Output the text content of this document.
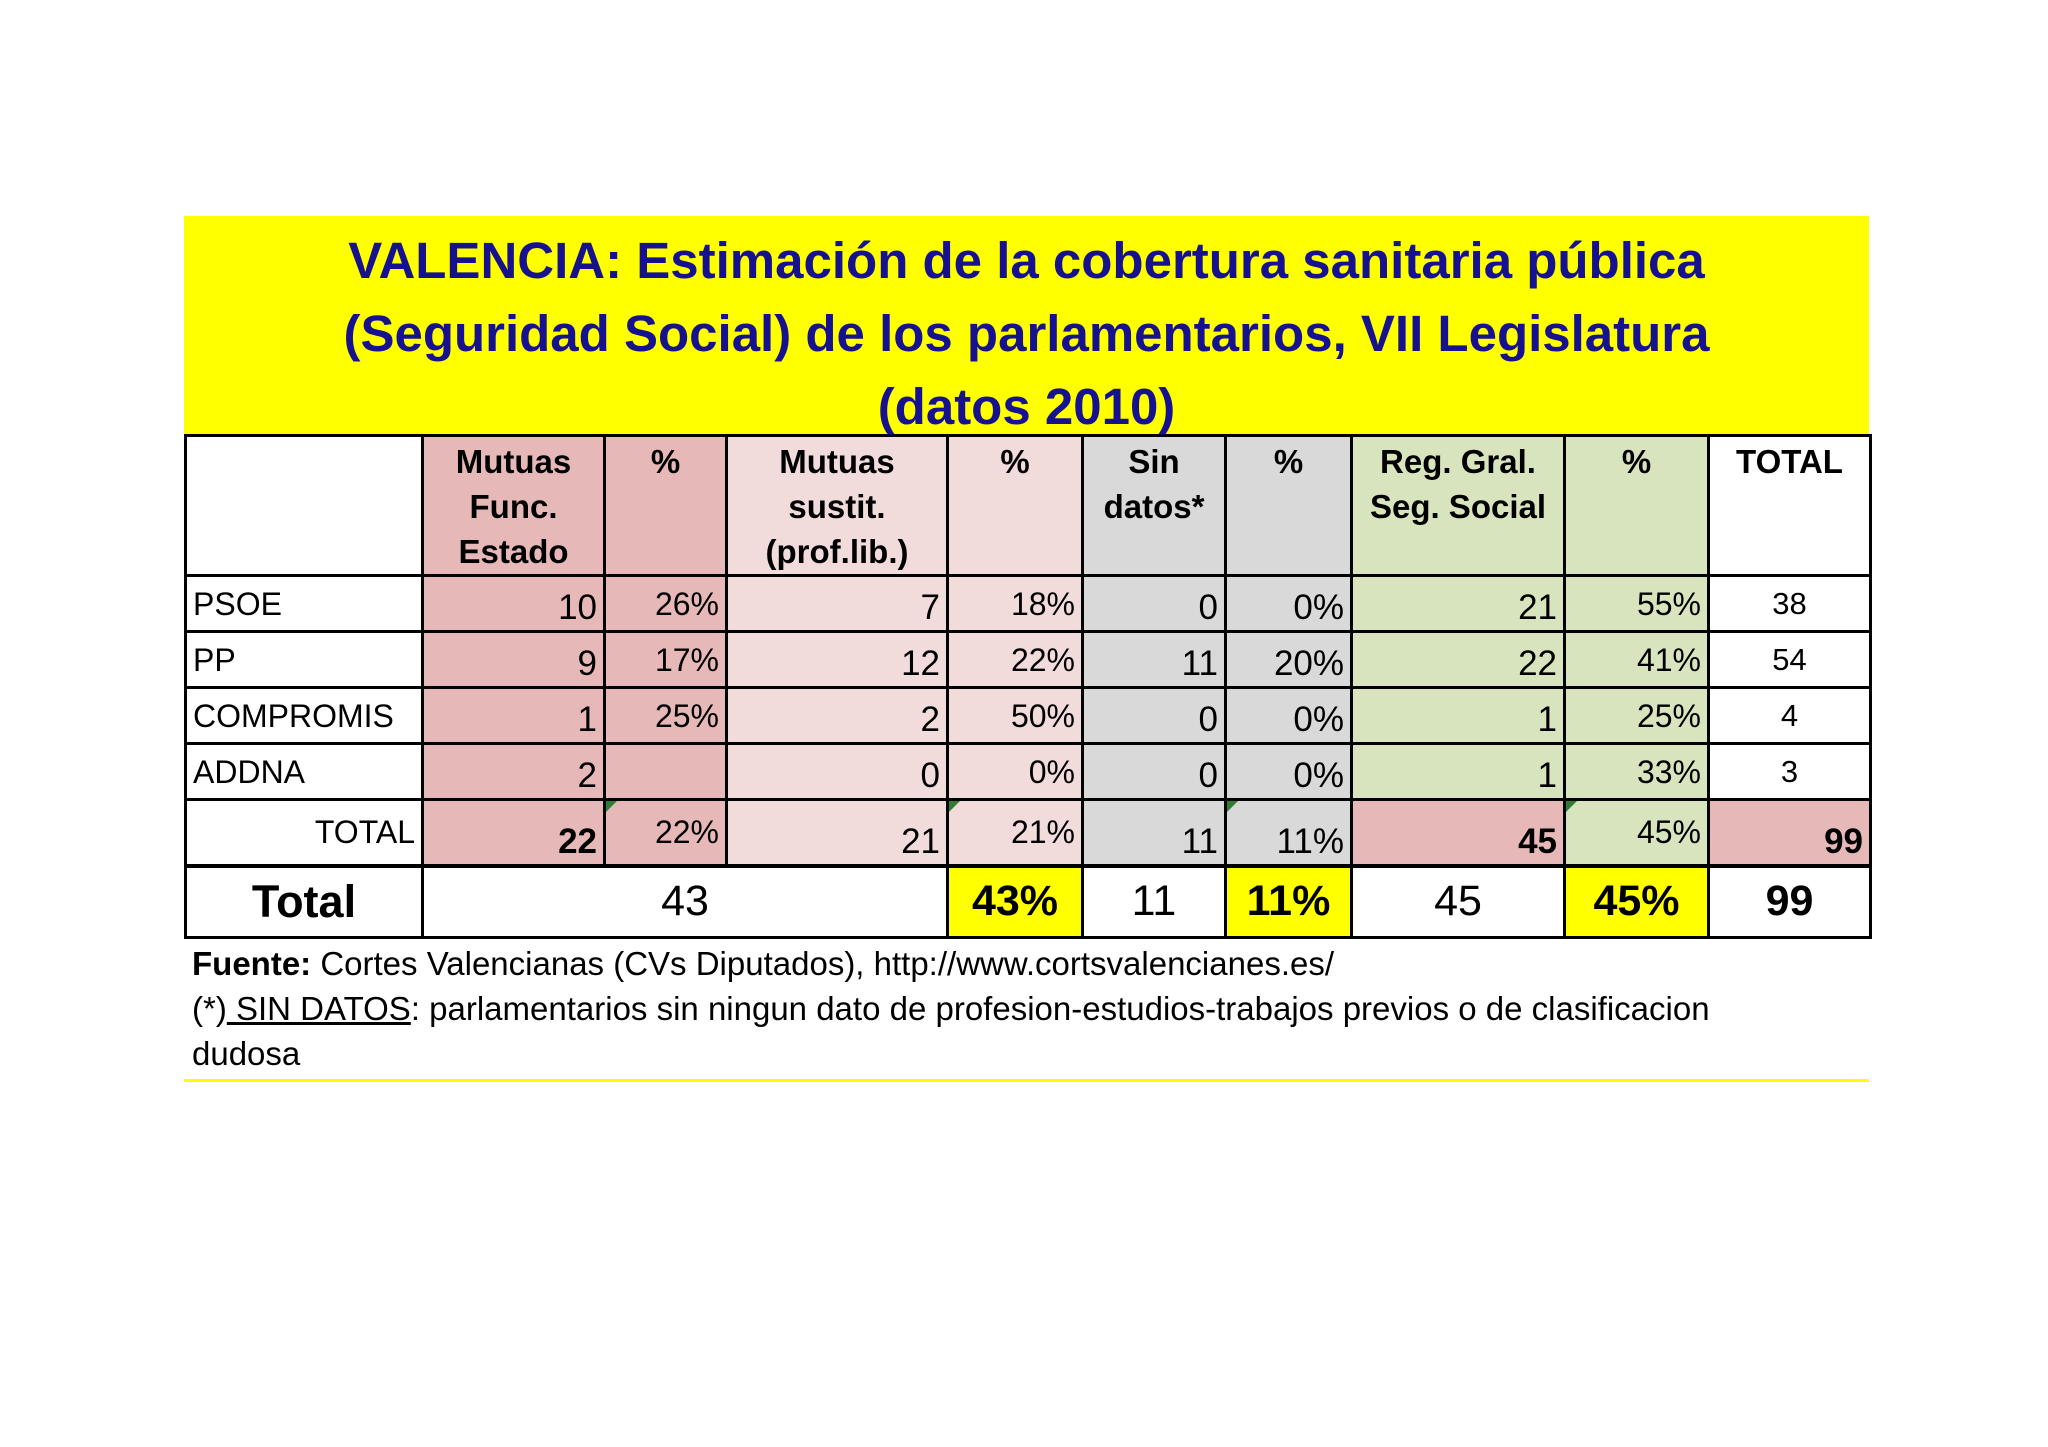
VALENCIA: Estimación de la cobertura sanitaria pública
(Seguridad Social) de los parlamentarios, VII Legislatura
(datos 2010)
	Mutuas Func. Estado	%	Mutuas sustit. (prof.lib.)	%	Sin datos*	%	Reg. Gral. Seg. Social	%	TOTAL
PSOE	10	26%	7	18%	0	0%	21	55%	38
PP	9	17%	12	22%	11	20%	22	41%	54
COMPROMIS	1	25%	2	50%	0	0%	1	25%	4
ADDNA	2		0	0%	0	0%	1	33%	3
TOTAL	22	22%	21	21%	11	11%	45	45%	99
Total	43			43%	11	11%	45	45%	99
Fuente: Cortes Valencianas (CVs Diputados), http://www.cortsvalencianes.es/
(*) SIN DATOS: parlamentarios sin ningun dato de profesion-estudios-trabajos previos o de clasificacion
dudosa
